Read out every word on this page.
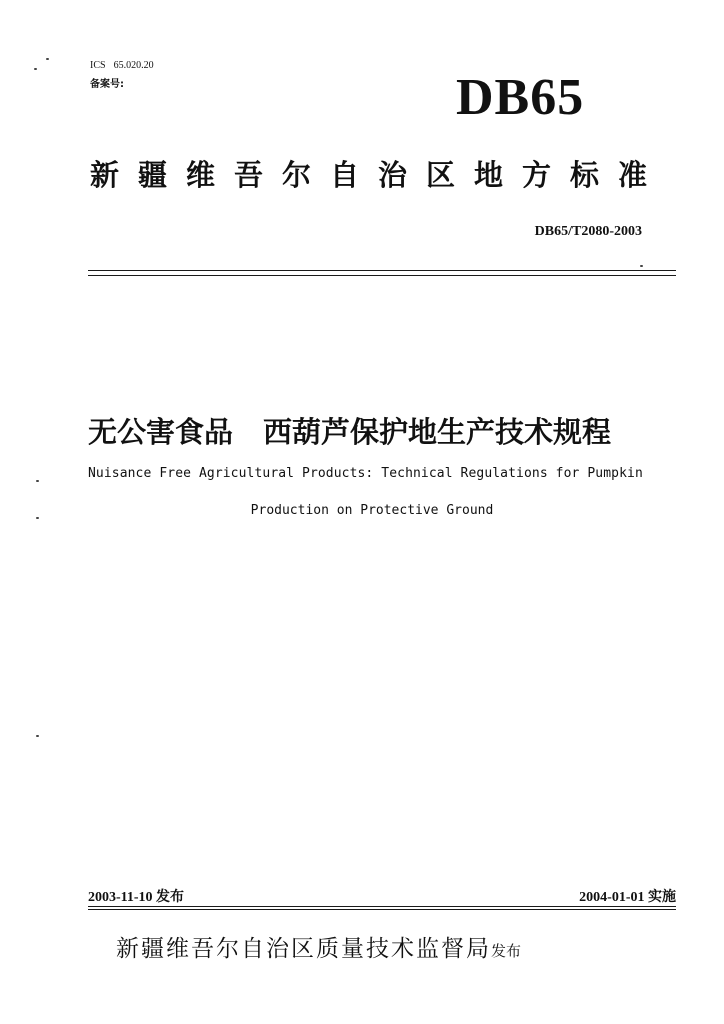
ICS 65.020.20
备案号:	DB65
新疆维吾尔自治区地方标准
DB65/T2080-2003
无公害食品 西葫芦保护地生产技术规程
Nuisance Free Agricultural Products: Technical Regulations for Pumpkin
Production on Protective Ground
2003-11-10 发布	2004-01-01 实施
新疆维吾尔自治区质量技术监督局发布
